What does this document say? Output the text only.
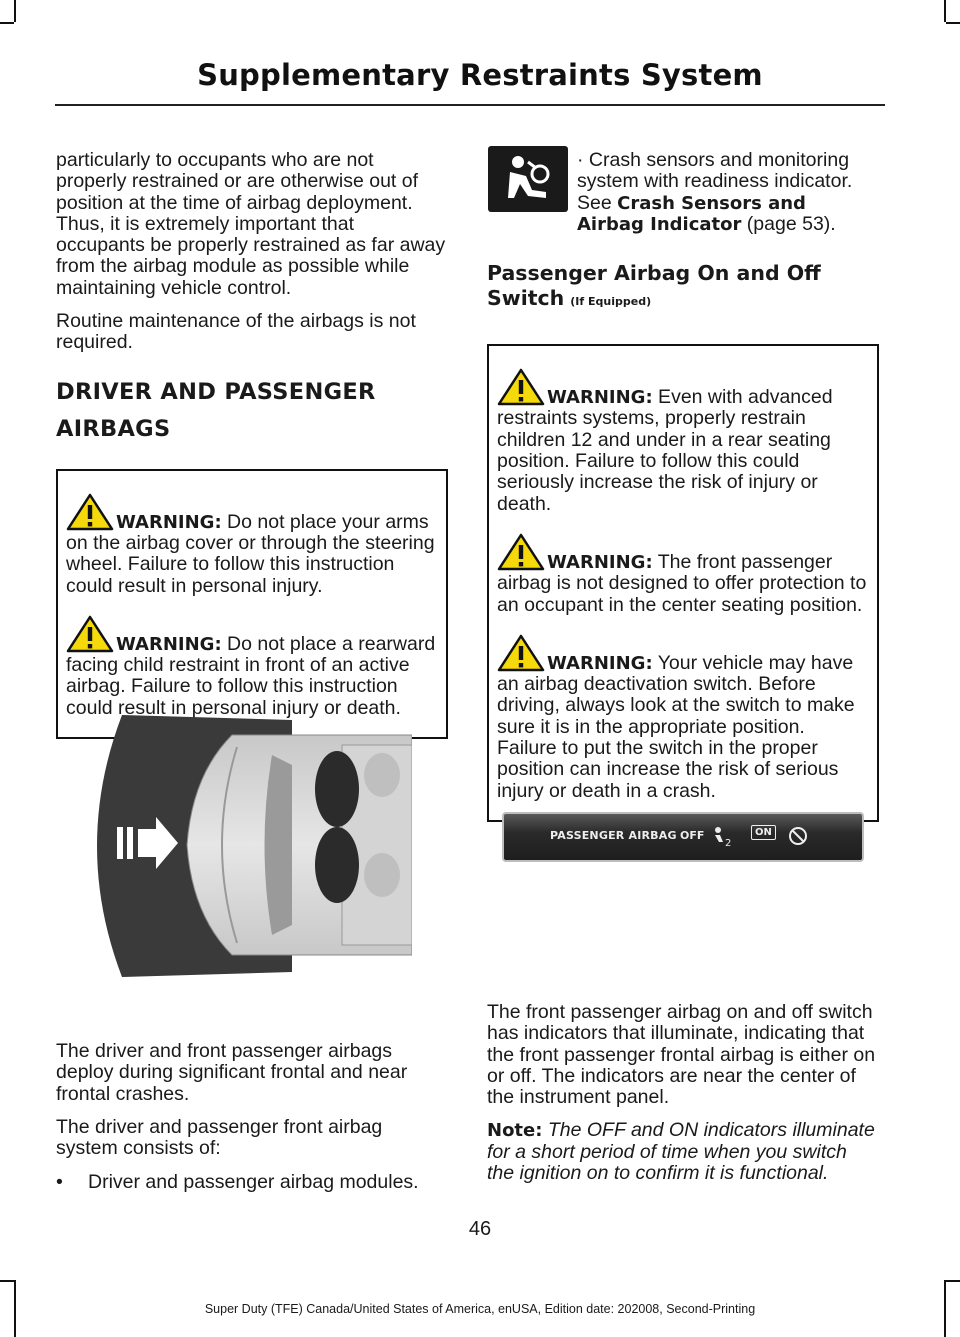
Supplementary Restraints System

particularly to occupants who are not properly restrained or are otherwise out of position at the time of airbag deployment. Thus, it is extremely important that occupants be properly restrained as far away from the airbag module as possible while maintaining vehicle control.

Routine maintenance of the airbags is not required.

DRIVER AND PASSENGER
AIRBAGS

WARNING: Do not place your arms on the airbag cover or through the steering wheel. Failure to follow this instruction could result in personal injury.

WARNING: Do not place a rearward facing child restraint in front of an active airbag. Failure to follow this instruction could result in personal injury or death.

The driver and front passenger airbags deploy during significant frontal and near frontal crashes.

The driver and passenger front airbag system consists of:

•	Driver and passenger airbag modules.

· Crash sensors and monitoring system with readiness indicator. See Crash Sensors and Airbag Indicator (page 53).

Passenger Airbag On and Off
Switch (If Equipped)

WARNING: Even with advanced restraints systems, properly restrain children 12 and under in a rear seating position. Failure to follow this could seriously increase the risk of injury or death.

WARNING: The front passenger airbag is not designed to offer protection to an occupant in the center seating position.

WARNING: Your vehicle may have an airbag deactivation switch. Before driving, always look at the switch to make sure it is in the appropriate position. Failure to put the switch in the proper position can increase the risk of serious injury or death in a crash.

The front passenger airbag on and off switch has indicators that illuminate, indicating that the front passenger frontal airbag is either on or off. The indicators are near the center of the instrument panel.

Note: The OFF and ON indicators illuminate for a short period of time when you switch the ignition on to confirm it is functional.

PASSENGER AIRBAG OFF
2
ON
46
Super Duty (TFE) Canada/United States of America, enUSA, Edition date: 202008, Second-Printing
